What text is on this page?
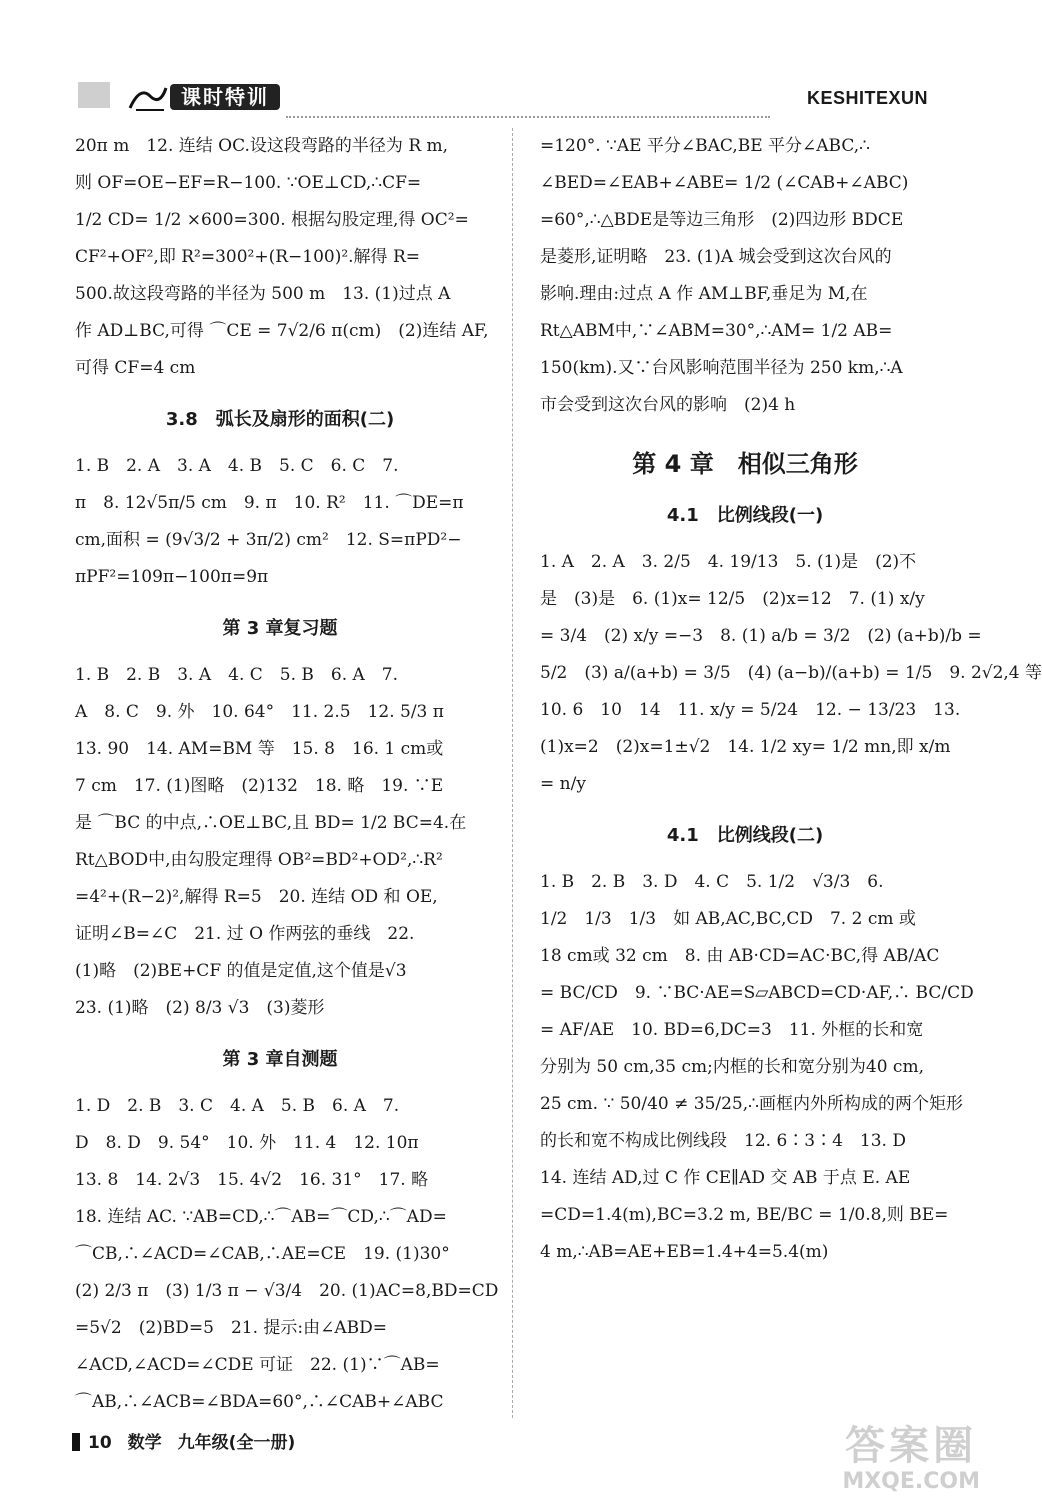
课时特训	KESHITEXUN
20π m　12. 连结 OC.设这段弯路的半径为 R m,
则 OF=OE−EF=R−100. ∵OE⊥CD,∴CF=
1/2 CD= 1/2 ×600=300. 根据勾股定理,得 OC²=
CF²+OF²,即 R²=300²+(R−100)².解得 R=
500.故这段弯路的半径为 500 m　13. (1)过点 A
作 AD⊥BC,可得 ⌒CE = 7√2/6 π(cm)　(2)连结 AF,
可得 CF=4 cm
3.8　弧长及扇形的面积(二)
1. B　2. A　3. A　4. B　5. C　6. C　7.
π　8. 12√5π/5 cm　9. π　10. R²　11. ⌒DE=π
cm,面积 = (9√3/2 + 3π/2) cm²　12. S=πPD²−
πPF²=109π−100π=9π
第 3 章复习题
1. B　2. B　3. A　4. C　5. B　6. A　7.
A　8. C　9. 外　10. 64°　11. 2.5　12. 5/3 π
13. 90　14. AM=BM 等　15. 8　16. 1 cm或
7 cm　17. (1)图略　(2)132　18. 略　19. ∵E
是 ⌒BC 的中点,∴OE⊥BC,且 BD= 1/2 BC=4.在
Rt△BOD中,由勾股定理得 OB²=BD²+OD²,∴R²
=4²+(R−2)²,解得 R=5　20. 连结 OD 和 OE,
证明∠B=∠C　21. 过 O 作两弦的垂线　22.
(1)略　(2)BE+CF 的值是定值,这个值是√3
23. (1)略　(2) 8/3 √3　(3)菱形
第 3 章自测题
1. D　2. B　3. C　4. A　5. B　6. A　7.
D　8. D　9. 54°　10. 外　11. 4　12. 10π
13. 8　14. 2√3　15. 4√2　16. 31°　17. 略
18. 连结 AC. ∵AB=CD,∴⌒AB=⌒CD,∴⌒AD=
⌒CB,∴∠ACD=∠CAB,∴AE=CE　19. (1)30°
(2) 2/3 π　(3) 1/3 π − √3/4　20. (1)AC=8,BD=CD
=5√2　(2)BD=5　21. 提示:由∠ABD=
∠ACD,∠ACD=∠CDE 可证　22. (1)∵⌒AB=
⌒AB,∴∠ACB=∠BDA=60°,∴∠CAB+∠ABC
=120°. ∵AE 平分∠BAC,BE 平分∠ABC,∴
∠BED=∠EAB+∠ABE= 1/2 (∠CAB+∠ABC)
=60°,∴△BDE是等边三角形　(2)四边形 BDCE
是菱形,证明略　23. (1)A 城会受到这次台风的
影响.理由:过点 A 作 AM⊥BF,垂足为 M,在
Rt△ABM中,∵∠ABM=30°,∴AM= 1/2 AB=
150(km).又∵台风影响范围半径为 250 km,∴A
市会受到这次台风的影响　(2)4 h
第 4 章　相似三角形
4.1　比例线段(一)
1. A　2. A　3. 2/5　4. 19/13　5. (1)是　(2)不
是　(3)是　6. (1)x= 12/5　(2)x=12　7. (1) x/y
= 3/4　(2) x/y =−3　8. (1) a/b = 3/2　(2) (a+b)/b =
5/2　(3) a/(a+b) = 3/5　(4) (a−b)/(a+b) = 1/5　9. 2√2,4 等
10. 6　10　14　11. x/y = 5/24　12. − 13/23　13.
(1)x=2　(2)x=1±√2　14. 1/2 xy= 1/2 mn,即 x/m
= n/y
4.1　比例线段(二)
1. B　2. B　3. D　4. C　5. 1/2　√3/3　6.
1/2　1/3　1/3　如 AB,AC,BC,CD　7. 2 cm 或
18 cm或 32 cm　8. 由 AB·CD=AC·BC,得 AB/AC
= BC/CD　9. ∵BC·AE=S▱ABCD=CD·AF,∴ BC/CD
= AF/AE　10. BD=6,DC=3　11. 外框的长和宽
分别为 50 cm,35 cm;内框的长和宽分别为40 cm,
25 cm. ∵ 50/40 ≠ 35/25,∴画框内外所构成的两个矩形
的长和宽不构成比例线段　12. 6∶3∶4　13. D
14. 连结 AD,过 C 作 CE∥AD 交 AB 于点 E. AE
=CD=1.4(m),BC=3.2 m, BE/BC = 1/0.8,则 BE=
4 m,∴AB=AE+EB=1.4+4=5.4(m)
10 数学 九年级(全一册)	答案圈
MXQE.COM
